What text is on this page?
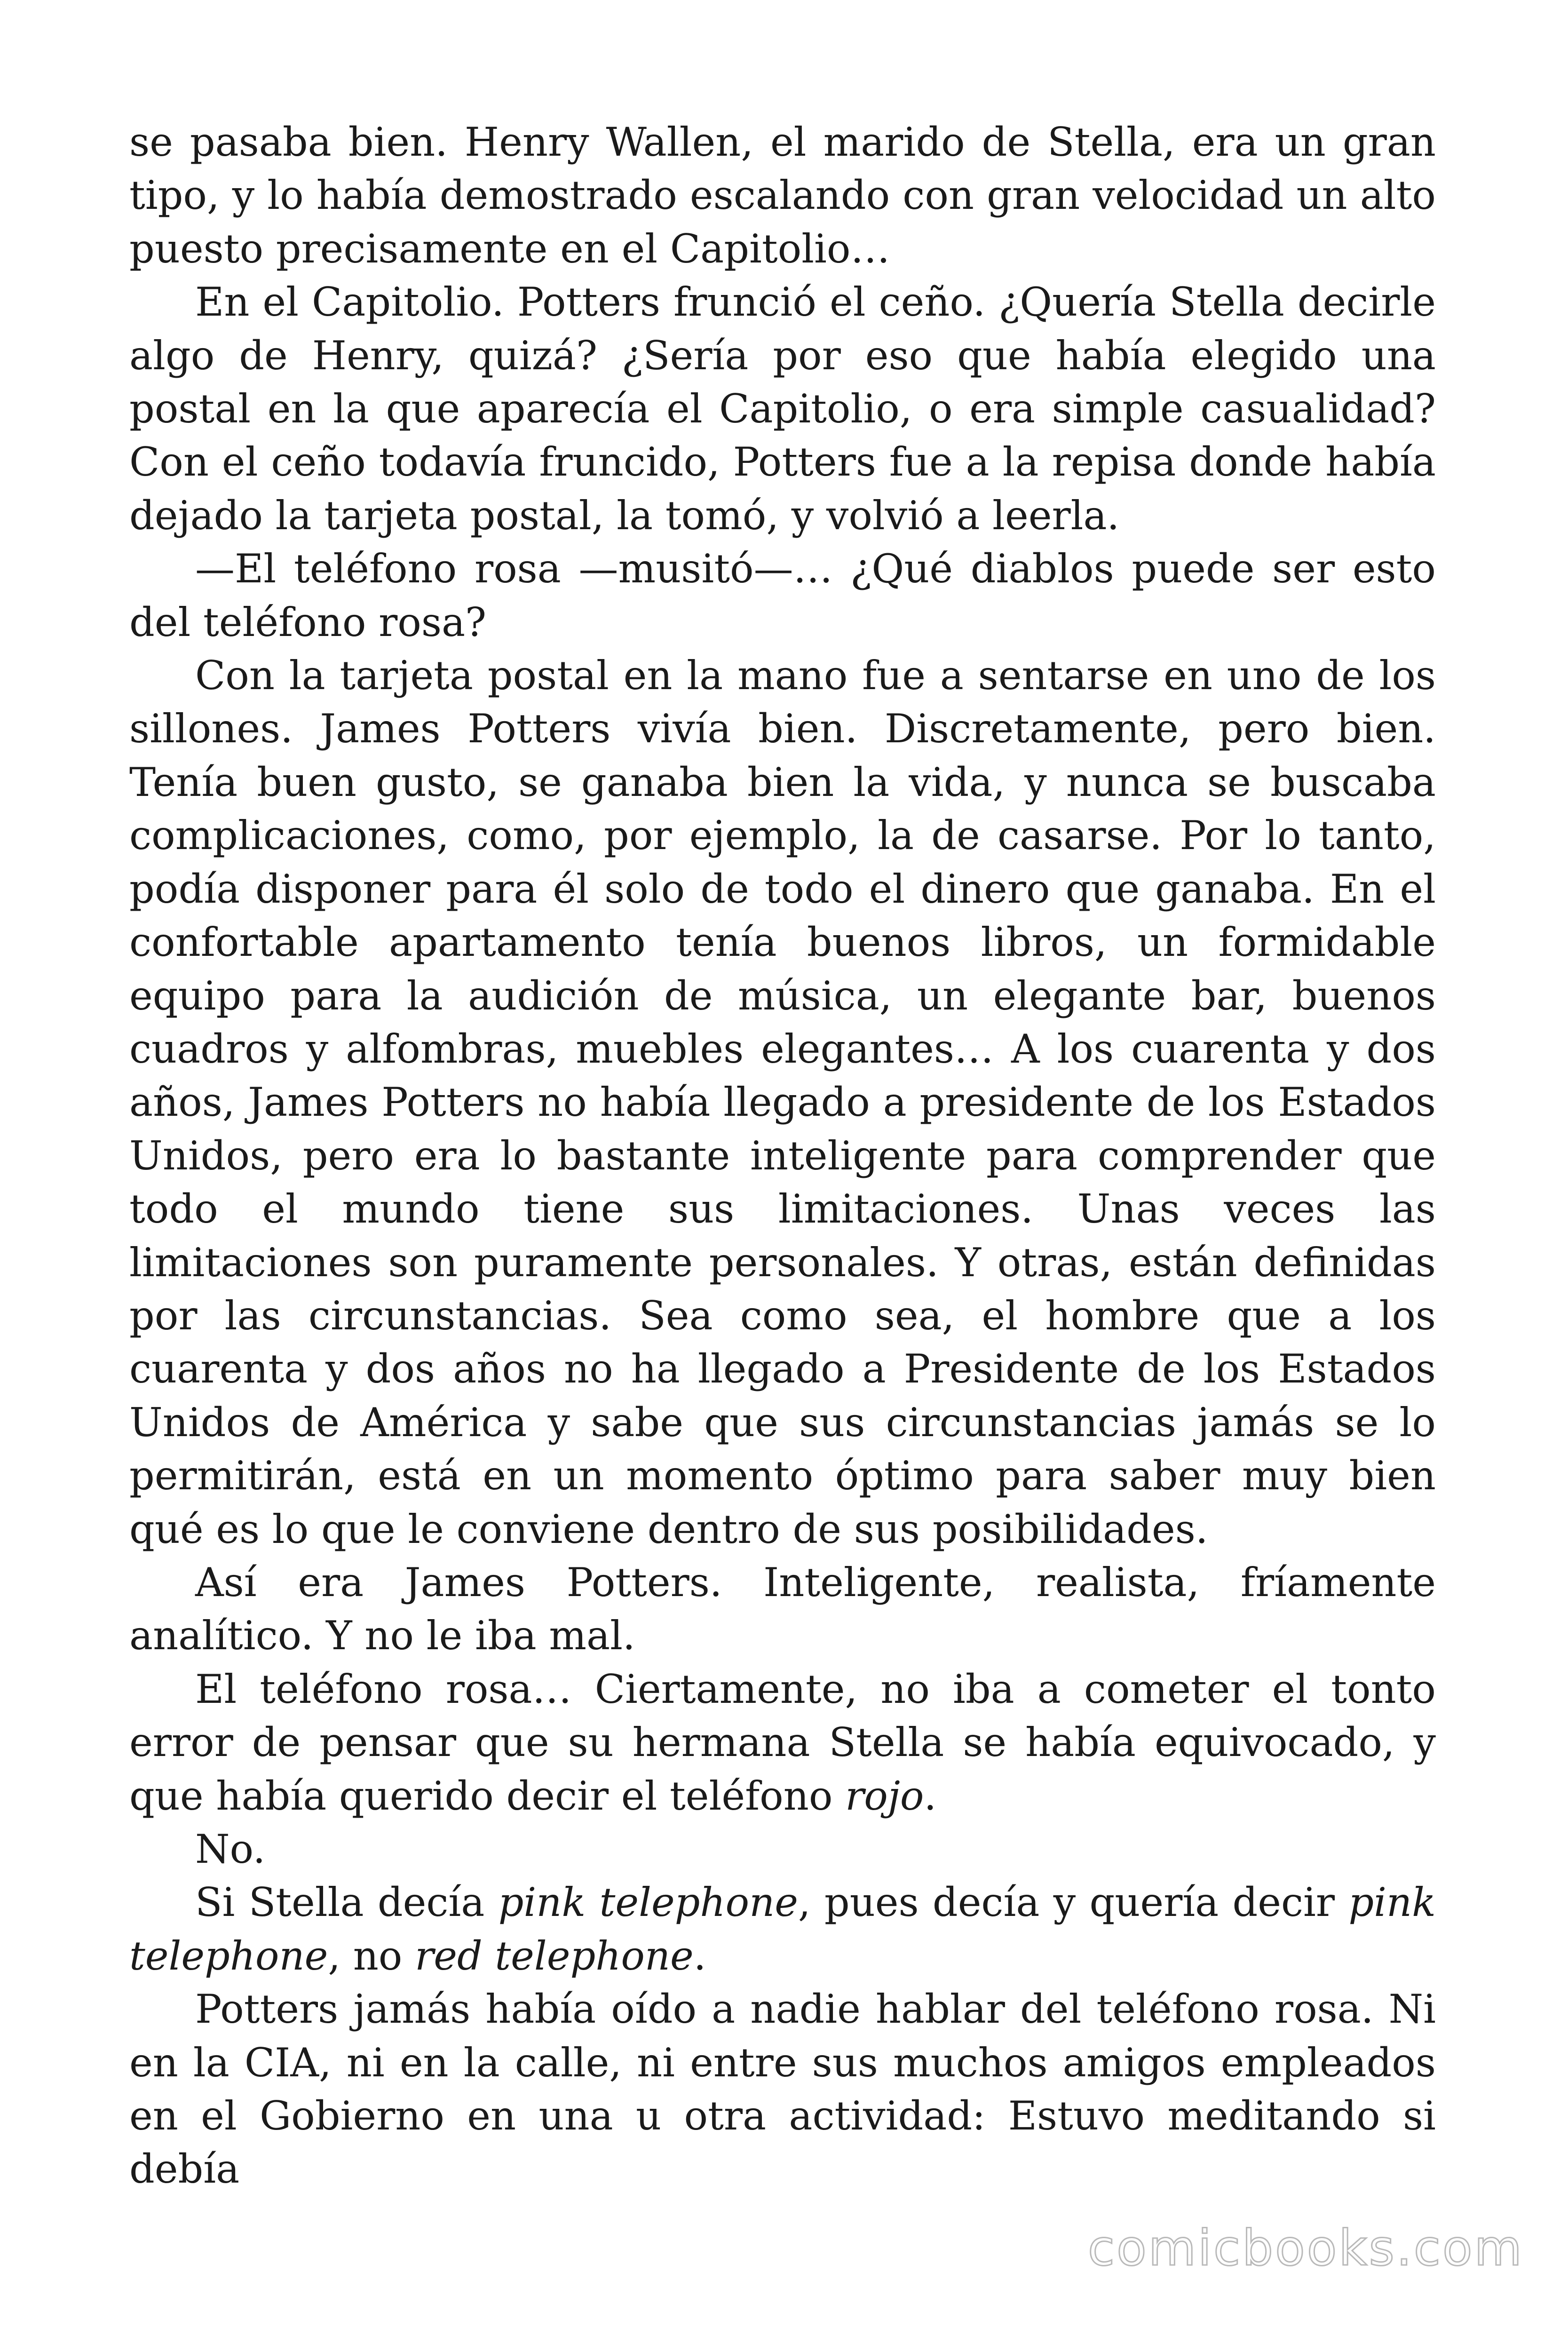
se pasaba bien. Henry Wallen, el marido de Stella, era un gran tipo, y lo había demostrado escalando con gran velocidad un alto puesto precisamente en el Capitolio…

En el Capitolio. Potters frunció el ceño. ¿Quería Stella decirle algo de Henry, quizá? ¿Sería por eso que había elegido una postal en la que aparecía el Capitolio, o era simple casualidad? Con el ceño todavía fruncido, Potters fue a la repisa donde había dejado la tarjeta postal, la tomó, y volvió a leerla.

—El teléfono rosa —musitó—… ¿Qué diablos puede ser esto del teléfono rosa?

Con la tarjeta postal en la mano fue a sentarse en uno de los sillones. James Potters vivía bien. Discretamente, pero bien. Tenía buen gusto, se ganaba bien la vida, y nunca se buscaba complicaciones, como, por ejemplo, la de casarse. Por lo tanto, podía disponer para él solo de todo el dinero que ganaba. En el confortable apartamento tenía buenos libros, un formidable equipo para la audición de música, un elegante bar, buenos cuadros y alfombras, muebles elegantes… A los cuarenta y dos años, James Potters no había llegado a presidente de los Estados Unidos, pero era lo bastante inteligente para comprender que todo el mundo tiene sus limitaciones. Unas veces las limitaciones son puramente personales. Y otras, están definidas por las circunstancias. Sea como sea, el hombre que a los cuarenta y dos años no ha llegado a Presidente de los Estados Unidos de América y sabe que sus circunstancias jamás se lo permitirán, está en un momento óptimo para saber muy bien qué es lo que le conviene dentro de sus posibilidades.

Así era James Potters. Inteligente, realista, fríamente analítico. Y no le iba mal.

El teléfono rosa… Ciertamente, no iba a cometer el tonto error de pensar que su hermana Stella se había equivocado, y que había querido decir el teléfono rojo.

No.

Si Stella decía pink telephone, pues decía y quería decir pink telephone, no red telephone.

Potters jamás había oído a nadie hablar del teléfono rosa. Ni en la CIA, ni en la calle, ni entre sus muchos amigos empleados en el Gobierno en una u otra actividad: Estuvo meditando si debía

comicbooks.com
